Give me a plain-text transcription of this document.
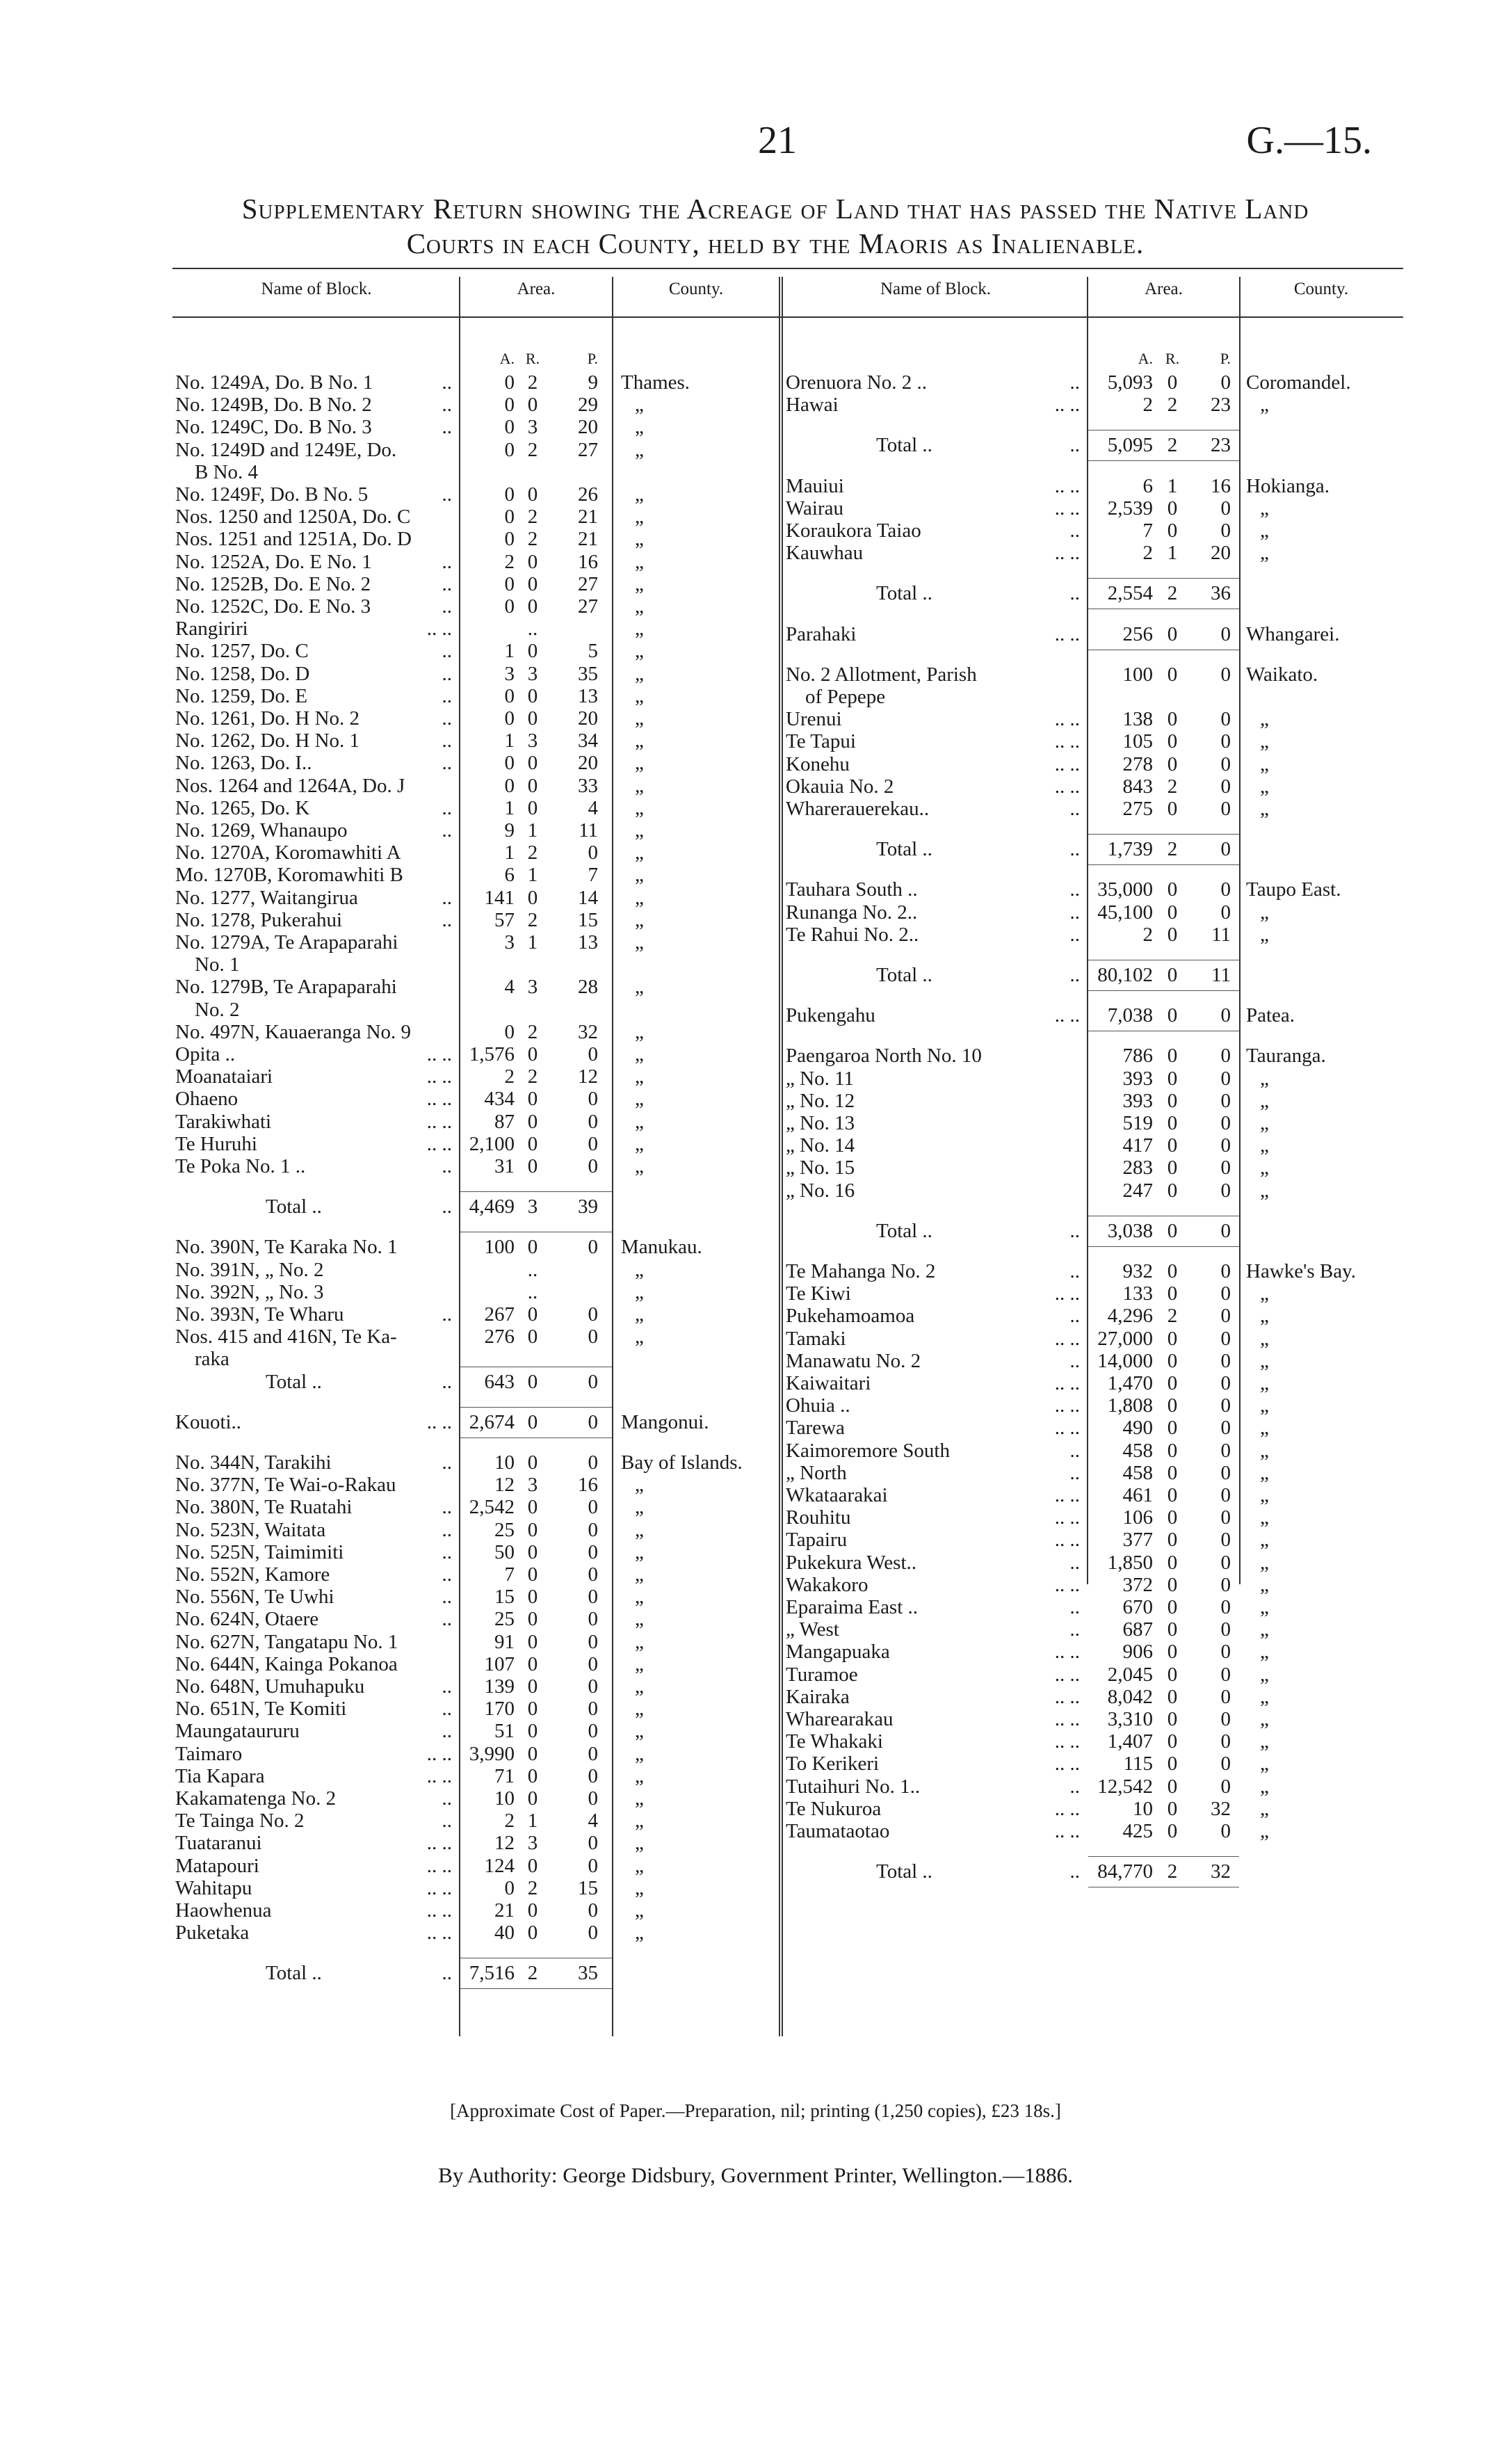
21	G.—15.
Supplementary Return showing the Acreage of Land that has passed the Native Land
Courts in each County, held by the Maoris as Inalienable.
Name of Block.	Area.	County.	Name of Block.	Area.	County.
A. R.	P.	A. R.	P.
No. 1249A, Do. B No. 1	..	0 2	9 Thames.
No. 1249B, Do. B No. 2	..	0 0	29 „
No. 1249C, Do. B No. 3	..	0 3	20 „
No. 1249D and 1249E, Do.	0 2	27 „
B No. 4
No. 1249F, Do. B No. 5	..	0 0	26 „
Nos. 1250 and 1250A, Do. C	0 2	21 „
Nos. 1251 and 1251A, Do. D	0 2	21 „
No. 1252A, Do. E No. 1	..	2 0	16 „
No. 1252B, Do. E No. 2	..	0 0	27 „
No. 1252C, Do. E No. 3	..	0 0	27 „
Rangiriri	.. ..	..	„
No. 1257, Do. C	..	1 0	5 „
No. 1258, Do. D	..	3 3	35 „
No. 1259, Do. E	..	0 0	13 „
No. 1261, Do. H No. 2	..	0 0	20 „
No. 1262, Do. H No. 1	..	1 3	34 „
No. 1263, Do. I..	..	0 0	20 „
Nos. 1264 and 1264A, Do. J	0 0	33 „
No. 1265, Do. K	..	1 0	4 „
No. 1269, Whanaupo	..	9 1	11 „
No. 1270A, Koromawhiti A	1 2	0 „
Mo. 1270B, Koromawhiti B	6 1	7 „
No. 1277, Waitangirua	..	141 0	14 „
No. 1278, Pukerahui	..	57 2	15 „
No. 1279A, Te Arapaparahi	3 1	13 „
No. 1
No. 1279B, Te Arapaparahi	4 3	28 „
No. 2
No. 497N, Kauaeranga No. 9	0 2	32 „
Opita ..	.. .. 1,576 0	0 „
Moanataiari	.. ..	2 2	12 „
Ohaeno	.. ..	434 0	0 „
Tarakiwhati	.. ..	87 0	0 „
Te Huruhi	.. .. 2,100 0	0 „
Te Poka No. 1 ..	..	31 0	0 „
Total ..	.. 4,469 3	39
No. 390N, Te Karaka No. 1	100 0	0 Manukau.
No. 391N, „ No. 2	..	„
No. 392N, „ No. 3	..	„
No. 393N, Te Wharu	..	267 0	0 „
Nos. 415 and 416N, Te Ka-	276 0	0 „
raka
Total ..	..	643 0	0
Kouoti..	.. .. 2,674 0	0 Mangonui.
No. 344N, Tarakihi	..	10 0	0 Bay of Islands.
No. 377N, Te Wai-o-Rakau	12 3	16 „
No. 380N, Te Ruatahi	.. 2,542 0	0 „
No. 523N, Waitata	..	25 0	0 „
No. 525N, Taimimiti	..	50 0	0 „
No. 552N, Kamore	..	7 0	0 „
No. 556N, Te Uwhi	..	15 0	0 „
No. 624N, Otaere	..	25 0	0 „
No. 627N, Tangatapu No. 1	91 0	0 „
No. 644N, Kainga Pokanoa	107 0	0 „
No. 648N, Umuhapuku	..	139 0	0 „
No. 651N, Te Komiti	..	170 0	0 „
Maungataururu	..	51 0	0 „
Taimaro	.. .. 3,990 0	0 „
Tia Kapara	.. ..	71 0	0 „
Kakamatenga No. 2	..	10 0	0 „
Te Tainga No. 2	..	2 1	4 „
Tuataranui	.. ..	12 3	0 „
Matapouri	.. ..	124 0	0 „
Wahitapu	.. ..	0 2	15 „
Haowhenua	.. ..	21 0	0 „
Puketaka	.. ..	40 0	0 „
Total ..	.. 7,516 2	35
Orenuora No. 2 ..	..	5,093 0	0 Coromandel.
Hawai	.. ..	2 2	23 „
Total ..	..	5,095 2	23
Mauiui	.. ..	6 1	16 Hokianga.
Wairau	.. ..	2,539 0	0 „
Koraukora Taiao	..	7 0	0 „
Kauwhau	.. ..	2 1	20 „
Total ..	..	2,554 2	36
Parahaki	.. ..	256 0	0 Whangarei.
No. 2 Allotment, Parish	100 0	0 Waikato.
of Pepepe
Urenui	.. ..	138 0	0 „
Te Tapui	.. ..	105 0	0 „
Konehu	.. ..	278 0	0 „
Okauia No. 2	.. ..	843 2	0 „
Wharerauerekau..	..	275 0	0 „
Total ..	..	1,739 2	0
Tauhara South ..	.. 35,000 0	0 Taupo East.
Runanga No. 2..	.. 45,100 0	0 „
Te Rahui No. 2..	..	2 0	11 „
Total ..	.. 80,102 0	11
Pukengahu	.. ..	7,038 0	0 Patea.
Paengaroa North No. 10	786 0	0 Tauranga.
„ No. 11	393 0	0 „
„ No. 12	393 0	0 „
„ No. 13	519 0	0 „
„ No. 14	417 0	0 „
„ No. 15	283 0	0 „
„ No. 16	247 0	0 „
Total ..	..	3,038 0	0
Te Mahanga No. 2	..	932 0	0 Hawke's Bay.
Te Kiwi	.. ..	133 0	0 „
Pukehamoamoa	..	4,296 2	0 „
Tamaki	.. .. 27,000 0	0 „
Manawatu No. 2	.. 14,000 0	0 „
Kaiwaitari	.. ..	1,470 0	0 „
Ohuia ..	.. ..	1,808 0	0 „
Tarewa	.. ..	490 0	0 „
Kaimoremore South	..	458 0	0 „
„ North	..	458 0	0 „
Wkataarakai	.. ..	461 0	0 „
Rouhitu	.. ..	106 0	0 „
Tapairu	.. ..	377 0	0 „
Pukekura West..	..	1,850 0	0 „
Wakakoro	.. ..	372 0	0 „
Eparaima East ..	..	670 0	0 „
„ West	..	687 0	0 „
Mangapuaka	.. ..	906 0	0 „
Turamoe	.. ..	2,045 0	0 „
Kairaka	.. ..	8,042 0	0 „
Wharearakau	.. ..	3,310 0	0 „
Te Whakaki	.. ..	1,407 0	0 „
To Kerikeri	.. ..	115 0	0 „
Tutaihuri No. 1..	.. 12,542 0	0 „
Te Nukuroa	.. ..	10 0	32 „
Taumataotao	.. ..	425 0	0 „
Total ..	.. 84,770 2	32
[Approximate Cost of Paper.—Preparation, nil; printing (1,250 copies), £23 18s.]
By Authority: George Didsbury, Government Printer, Wellington.—1886.
